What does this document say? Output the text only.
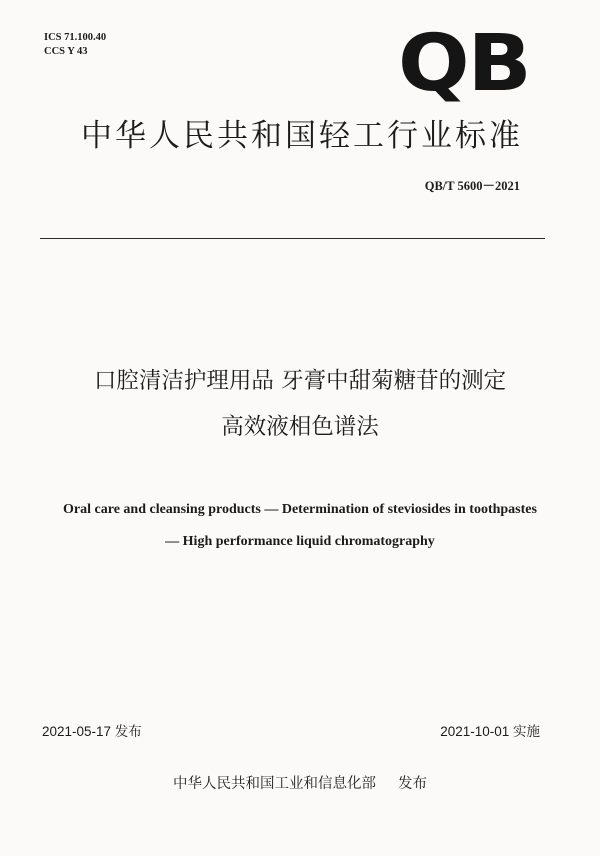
ICS 71.100.40
CCS Y 43	QB
中华人民共和国轻工行业标准
QB/T 5600－2021
口腔清洁护理用品 牙膏中甜菊糖苷的测定
高效液相色谱法
Oral care and cleansing products — Determination of steviosides in toothpastes
— High performance liquid chromatography
2021-05-17 发布	2021-10-01 实施
中华人民共和国工业和信息化部 发布
